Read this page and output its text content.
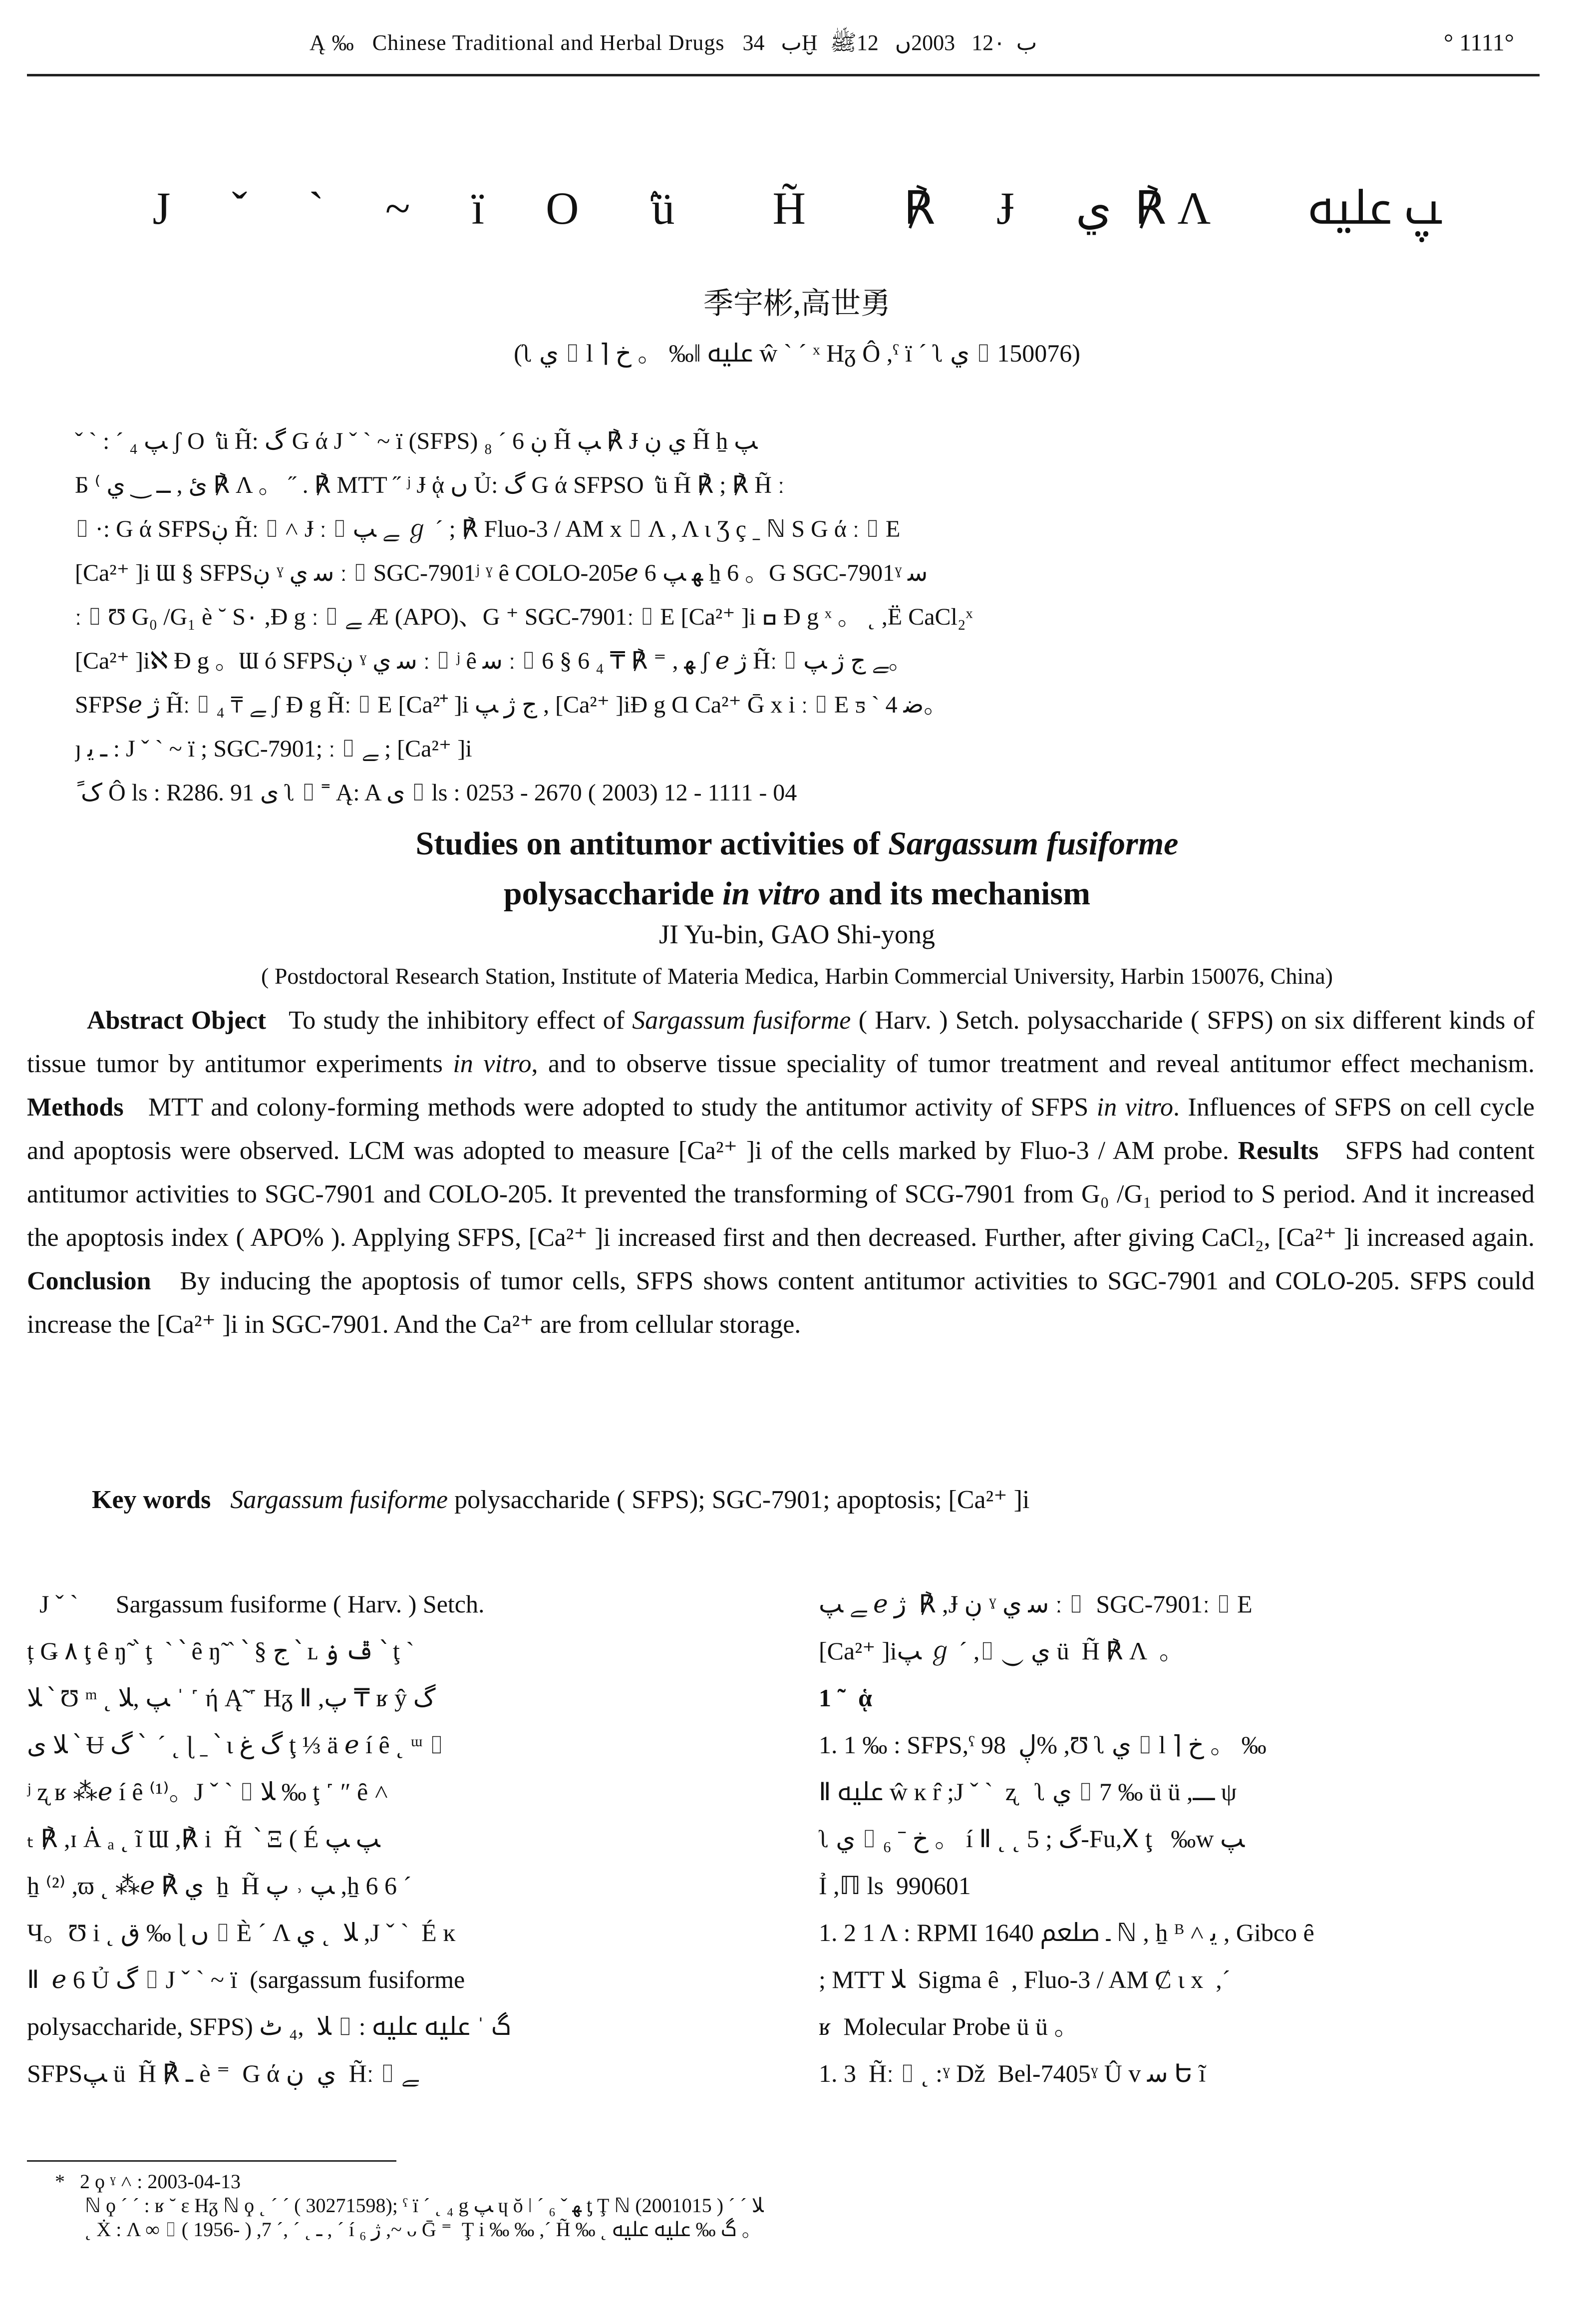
Ą ‰   Chinese Traditional and Herbal Drugs   ب   34Ḫ  ب  12۰   2003ں   12ﷺ	° 1111°
J ˇ ` ~ ï O ۢ ü  H̃  ℟ Ɉ ي  ℟ Λ  ﭗ ﷷ
季宇彬,高世勇
(ʅ ي ⌷ l ⌉ خ 。 ‰ǁ ﷷ ŵ ` ˊ ˣ Hᵹ Ô ,ˤ ï ´ ʅ ي ⌷ 150076)
ˇ ` : ´ ﭗ ₄ ʃ O ۢ ü H̃: گ G ά J ˇ ` ~ ï (SFPS) ڹ 6 ´ ₈ H̃ ﭗ ℟ Ɉ ي ڹ H̃ ẖ ﭗ
Б ⁽ ئ , ــ ‿ ي ℟ Λ 。 ˝ . ℟ MTT ˝ ʲ Ɉ ᾁ ﮞ Ủ: گ G ά SFPSO ۢ ü H̃ ℟ ; ℟ H̃ ː
⌷ ·: G ά SFPSڹ H̃ː ⌷ ˄ Ɉ ː ⌷ ﮯ ﭗ ℊ ´ ; ℟ Fluo-3 / AM x ⌷ Λ , Λ ι Ʒ ç ˍ ℕ S G ά ː ⌷ E
[Ca²⁺ ]i Ɯ § SFPSڹ ˠ ﺳ ي ː ⌷ SGC-7901ʲ ˠ ȇ COLO-205ℯ 6 ﻬ ﭗ ẖ 6 。G SGC-7901ˠ ﺳ
ː ⌷ Ʊ G₀ /G₁ è ˘ S۰ ,Ɖ g ː ⌷ ﮯ Æ (APO)、G ⁺ SGC-7901ː ⌷ E [Ca²⁺ ]i ߛ Ɖ g ˣ 。 ˛ ,Ë CaCl₂ˣ
[Ca²⁺ ]iℵ Ɖ g 。Ɯ ó SFPSڹ ˠ ﺳ ي ː ⌷ ʲ ȇ ﺳ ː ⌷ 6 § 6 ﻬ , ⁼ ℟ ₸ ₄ ʃ ℯ ژ H̃ː ⌷ ﮯ ج ژ ﭗ。
SFPSℯ ژ H̃ː ⌷ ﮯ ₸ ₄ ʃ Ɖ g H̃ː ⌷ E [Ca²⁺ ]i ج ژ ﭗ , [Ca²⁺ ]iƉ g Ɑ Ca²⁺ Ḡ x i ː ⌷ E ƽ ` 4 ﺿ。
ȷ ـ ﯾ : J ˇ ` ~ ï ; SGC-7901; ː ⌷ ﮯ ; [Ca²⁺ ]i
ً ک Ô ls : R286. 91 ى ʅ ⌷ ⁼ Ą: A ى ⌷ ls : 0253 - 2670 ( 2003) 12 - 1111 - 04
Studies on antitumor activities of Sargassum fusiforme
polysaccharide in vitro and its mechanism
JI Yu-bin, GAO Shi-yong
( Postdoctoral Research Station, Institute of Materia Medica, Harbin Commercial University, Harbin 150076, China)
Abstract Object To study the inhibitory effect of Sargassum fusiforme ( Harv. ) Setch. polysaccharide ( SFPS) on six different kinds of tissue tumor by antitumor experiments in vitro, and to observe tissue speciality of tumor treatment and reveal antitumor effect mechanism. Methods MTT and colony-forming methods were adopted to study the antitumor activity of SFPS in vitro. Influences of SFPS on cell cycle and apoptosis were observed. LCM was adopted to measure [Ca²⁺ ]i of the cells marked by Fluo-3 / AM probe. Results SFPS had content antitumor activities to SGC-7901 and COLO-205. It prevented the transforming of SCG-7901 from G₀ /G₁ period to S period. And it increased the apoptosis index ( APO% ). Applying SFPS, [Ca²⁺ ]i increased first and then decreased. Further, after giving CaCl₂, [Ca²⁺ ]i increased again. Conclusion By inducing the apoptosis of tumor cells, SFPS shows content antitumor activities to SGC-7901 and COLO-205. SFPS could increase the [Ca²⁺ ]i in SGC-7901. And the Ca²⁺ are from cellular storage.
Key words Sargassum fusiforme polysaccharide ( SFPS); SGC-7901; apoptosis; [Ca²⁺ ]i
J ˇ `      Sargassum fusiforme ( Harv. ) Setch.
ț Ǥ ۸ ţ ȇ ŋ̃ ՝ ţ  ˋ ՝ ȇ ŋ̃ ˋ ՝ § ج ՝ ʟ ڦ ۏ ՝ ţ ˋ
ﻼ ՝ Ʊ ᵐ ˛ ﭗ ,ﻼ ˈ ˹ ή Ą̃ ˹ Hᵹ Ⅱ ,ﭖ ₸ ʁ ŷ ﮒ
ﻼ ی ՝ Ʉ ﮒ ՝  ˊ ˛ ɭ ˍ ՝ ɩ ﮒ ﻍ ţ ⅓ ä ℯ í ȇ ˛ ᵚ ⌷
ʲ ʐ ʁ ⁂ℯ í ȇ ⁽¹⁾。J ˇ ` ⌷ ﻼ ‰ ţ ˹ ″ ȇ ˄
ₜ ℟ ,ɪ Ȧ ₐ ˛ ĩ Ɯ ,℟ i  H̃  ՝ Ξ ( É ﭗ ﭗ
ẖ ⁽²⁾ ,ϖ ˛ ⁂ℯ ℟ ي  ẖ  H̃ ﭗ ˒ ﭖ ,ẖ 6 6 ´
Ч。Ʊ i ˛ ق ‰ ɭ ﮞ ⌷ È ˊ Λ ﻼ  ˛ ي ,J ˇ `  É ĸ
Ⅱ  ℯ 6 Ủ ﮒ ⌷ J ˇ ` ~ ï  (sargassum fusiforme
polysaccharide, SFPS) ﻼ  ,₄ ﭦ ⌷ : ﮒ ˈ ﷷ ﷷ
SFPSﭗ ü  H̃ ℟ ـ è ⁼  G ά ي  ڹ  H̃ː ⌷ ﮯ
ﮯ ﭗ ℯ ژ  ℟ ,Ɉ ڹ ˠ ﺳ ي ː ⌷  SGC-7901ː ⌷ E
[Ca²⁺ ]iﭗ ℊ ˊ ,⌷ ‿ ي ü  H̃ ℟ Λ  。
1 ˜  ᾁ
1. 1 ‰ : SFPS,ˤ ڸ  98% ,Ʊ ʅ ي ⌷ l ⌉ خ 。 ‰
Ⅱ ﷷ ŵ ĸ r̂ ;J ˇ `  ʐ   ʅ ي ⌷ 7 ‰ ü ü ,ـــ ψ
ʅ ي ⌷ ₆ ˉ خ 。 í Ⅱ ˛ ˛ گ ; 5-Fu,Ⅹ ţ   ‰w ﭗ
Ỉ ,ℿ ls  990601
1. 2 1 Λ : RPMI 1640 ـ ﷵ ℕ , ẖ ᴮ ˄ ﯾ , Gibco ȇ
; MTT ﻼ  Sigma ȇ  , Fluo-3 / AM Ȼ ι x  ,ˊ
ʁ  Molecular Probe ü ü 。
1. 3  H̃ː ⌷ ˛ :ˠ Dž  Bel-7405ˠ Û ᴠ ﺳ Ե ĩ
*   2 ϙ ˠ ˄ : 2003-04-13
ℕ ϙ ´ ´ : ʁ ˘ ε Hᵹ ℕ ϙ ˛ ´ ´ ( 30271598); ˤ ï ´ ˛ ₄ g ﭗ ɥ ŏ ǀ ´ ₆ ˇ ﻬ ƫ Ţ ℕ ﻼ ´ ´ ( 2001015)
˛ Ẋ : Λ ∞ ⌷ ( 1956- ) ,ـ ˛ ´ ,´ 7 , ´ í ژ ₆ ,~ ᴗ Ḡ ⁼  Ţ i ‰ ‰ ,ˊ H̃ ‰ ˛ گ ‰ ﷷ ﷷ 。
